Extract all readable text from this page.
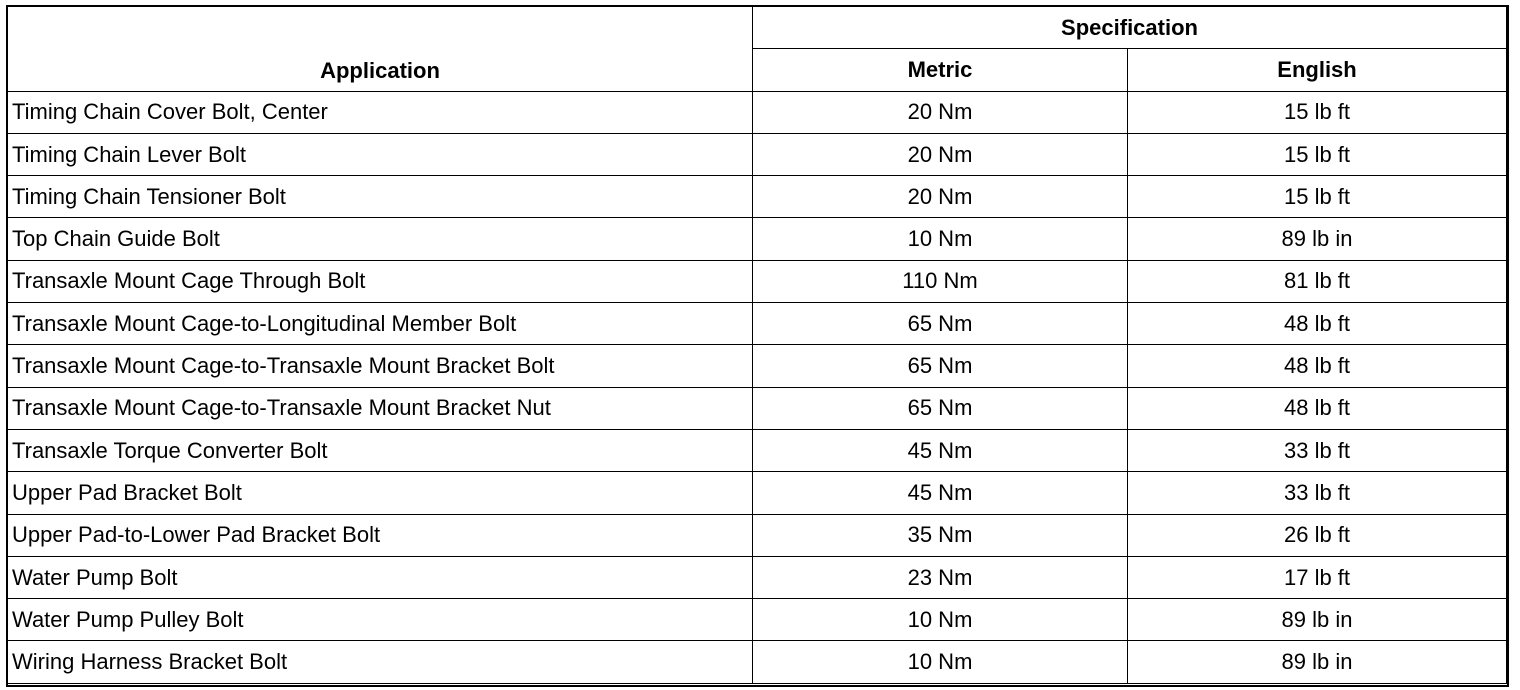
Application	Specification	
	Metric	English
Timing Chain Cover Bolt, Center	20 Nm	15 lb ft
Timing Chain Lever Bolt	20 Nm	15 lb ft
Timing Chain Tensioner Bolt	20 Nm	15 lb ft
Top Chain Guide Bolt	10 Nm	89 lb in
Transaxle Mount Cage Through Bolt	110 Nm	81 lb ft
Transaxle Mount Cage-to-Longitudinal Member Bolt	65 Nm	48 lb ft
Transaxle Mount Cage-to-Transaxle Mount Bracket Bolt	65 Nm	48 lb ft
Transaxle Mount Cage-to-Transaxle Mount Bracket Nut	65 Nm	48 lb ft
Transaxle Torque Converter Bolt	45 Nm	33 lb ft
Upper Pad Bracket Bolt	45 Nm	33 lb ft
Upper Pad-to-Lower Pad Bracket Bolt	35 Nm	26 lb ft
Water Pump Bolt	23 Nm	17 lb ft
Water Pump Pulley Bolt	10 Nm	89 lb in
Wiring Harness Bracket Bolt	10 Nm	89 lb in
